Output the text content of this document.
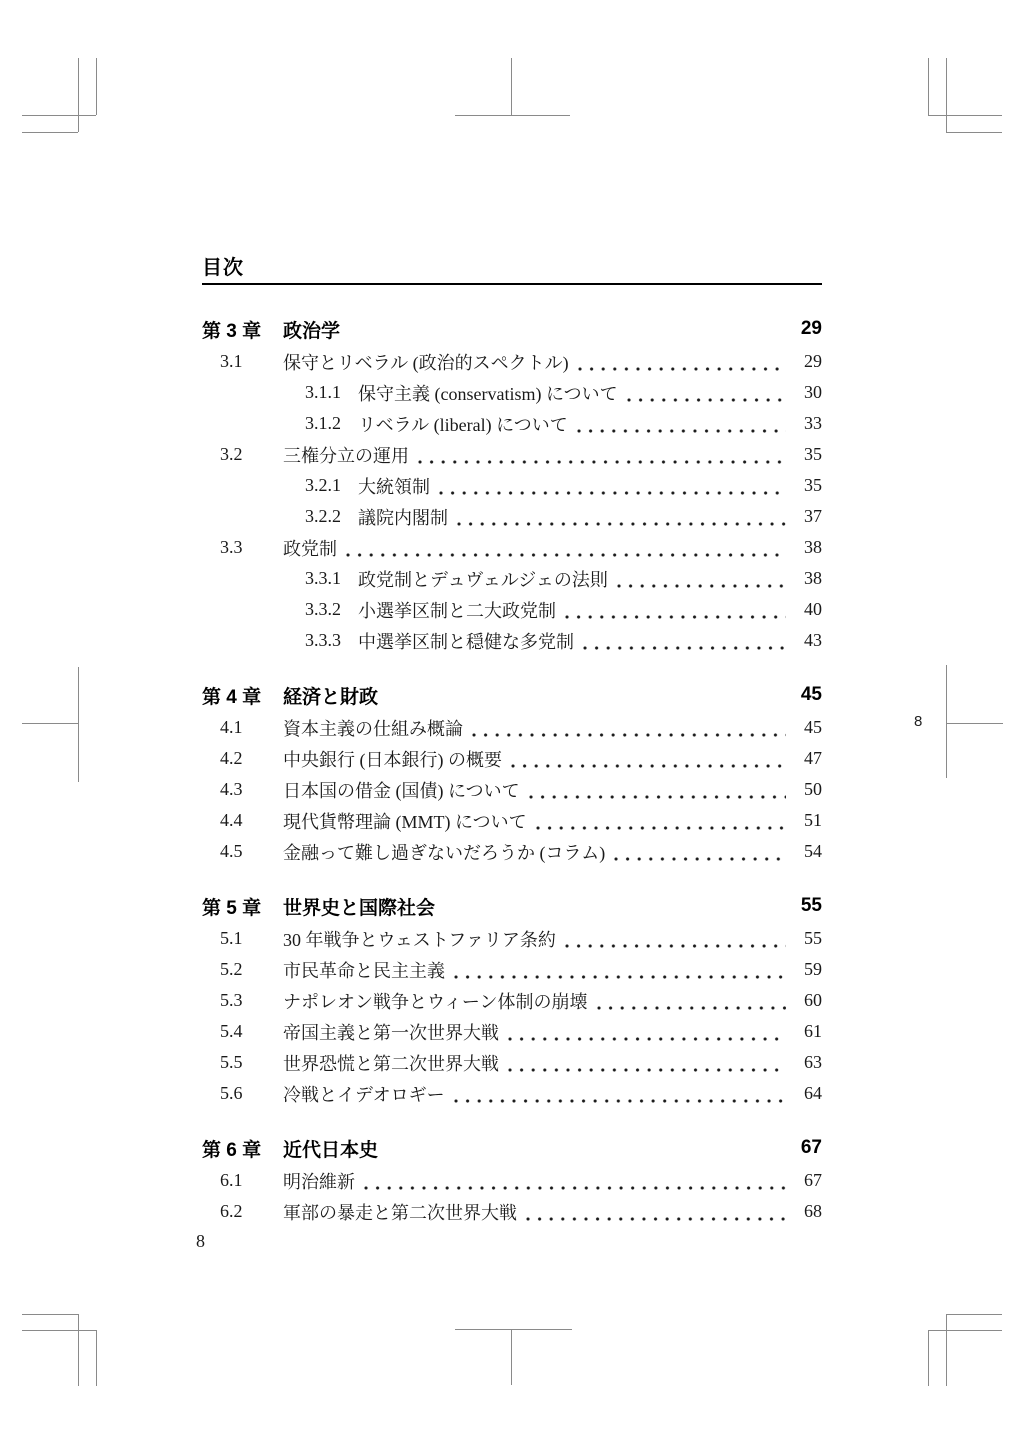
目次
第 3 章	政治学	29
3.1	保守とリベラル (政治的スペクトル)	29
3.1.1 保守主義 (conservatism) について	30
3.1.2 リベラル (liberal) について	33
3.2	三権分立の運用	35
3.2.1 大統領制	35
3.2.2 議院内閣制	37
3.3	政党制	38
3.3.1 政党制とデュヴェルジェの法則	38
3.3.2 小選挙区制と二大政党制	40
3.3.3 中選挙区制と穏健な多党制	43
第 4 章	経済と財政	45
4.1	資本主義の仕組み概論	45
4.2	中央銀行 (日本銀行) の概要	47
4.3	日本国の借金 (国債) について	50
4.4	現代貨幣理論 (MMT) について	51
4.5	金融って難し過ぎないだろうか (コラム)	54
第 5 章	世界史と国際社会	55
5.1	30 年戦争とウェストファリア条約	55
5.2	市民革命と民主主義	59
5.3	ナポレオン戦争とウィーン体制の崩壊	60
5.4	帝国主義と第一次世界大戦	61
5.5	世界恐慌と第二次世界大戦	63
5.6	冷戦とイデオロギー	64
第 6 章	近代日本史	67
6.1	明治維新	67
6.2	軍部の暴走と第二次世界大戦	68
8
8
